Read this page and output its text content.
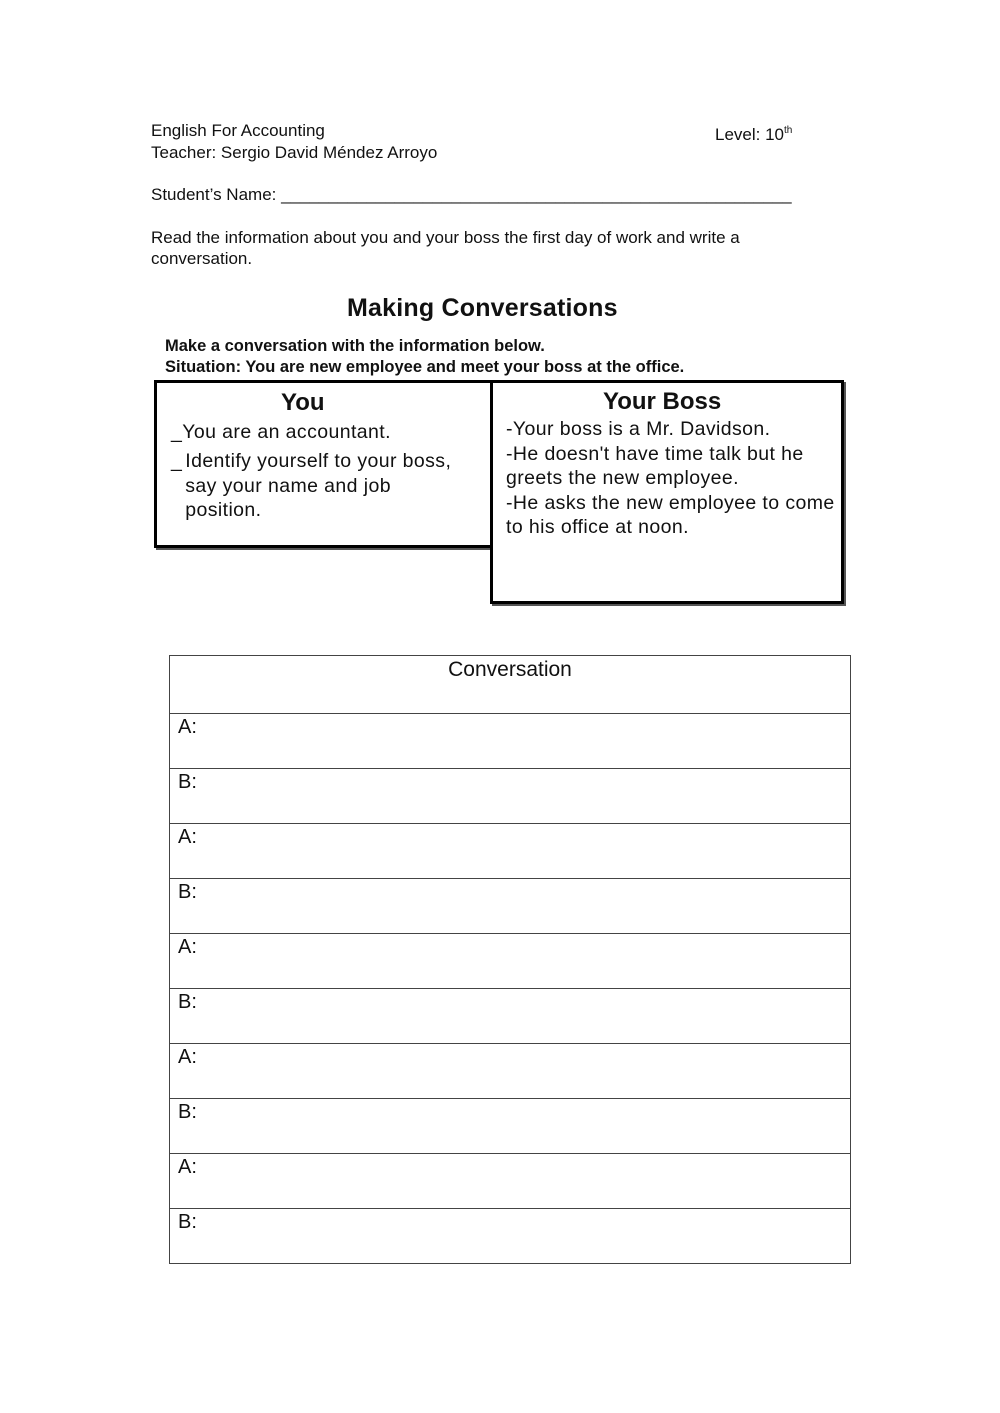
English For Accounting	Level: 10th
Teacher: Sergio David Méndez Arroyo
Student’s Name: ______________________________________________________
Read the information about you and your boss the first day of work and write a conversation.
Making Conversations
Make a conversation with the information below.
Situation: You are new employee and meet your boss at the office.
You
_You are an accountant.
_ Identify yourself to your boss, say your name and job position.
Your Boss
-Your boss is a Mr. Davidson.
-He doesn't have time talk but he greets the new employee.
-He asks the new employee to come to his office at noon.
Conversation
A:
B:
A:
B:
A:
B:
A:
B:
A:
B:
